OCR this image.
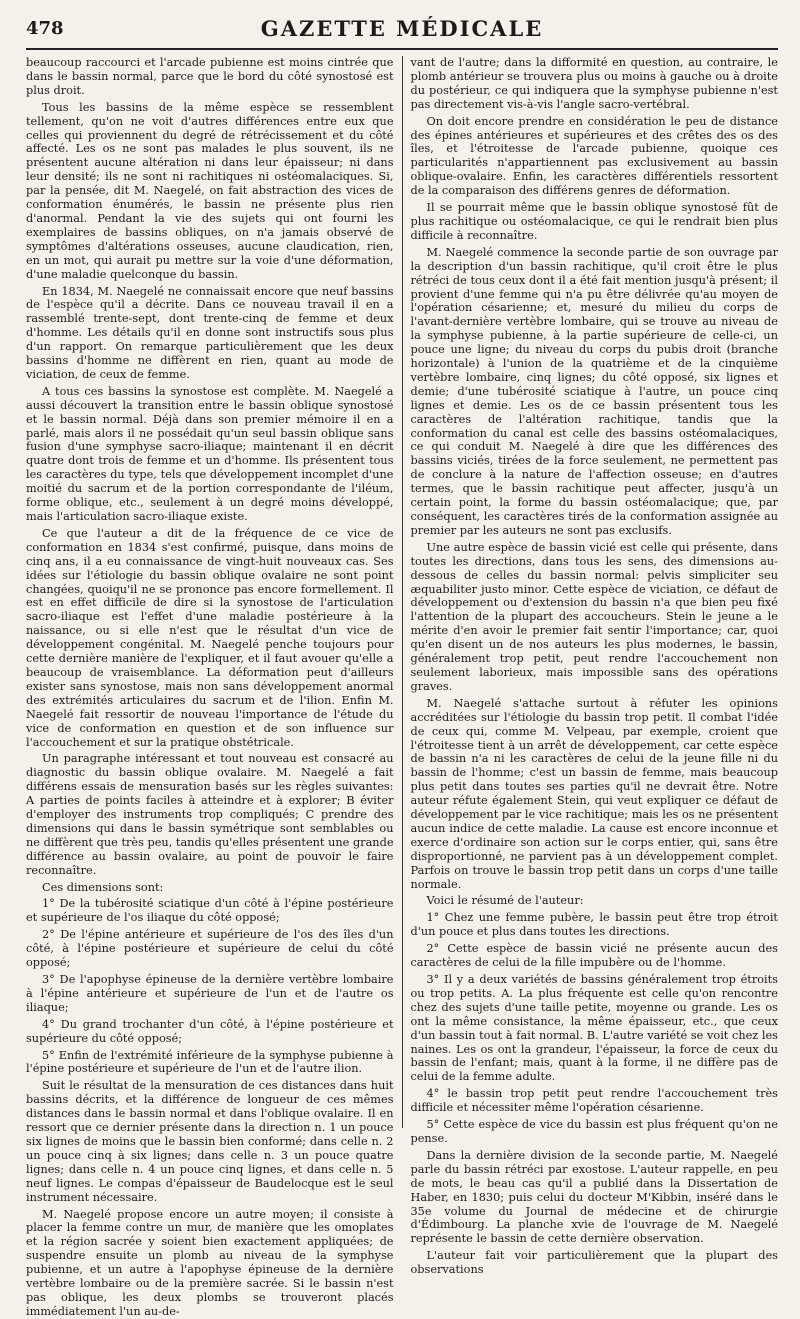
478	GAZETTE MÉDICALE

beaucoup raccourci et l'arcade pubienne est moins cintrée que dans le bassin normal, parce que le bord du côté synostosé est plus droit.

Tous les bassins de la même espèce se ressemblent tellement, qu'on ne voit d'autres différences entre eux que celles qui proviennent du degré de rétrécissement et du côté affecté. Les os ne sont pas malades le plus souvent, ils ne présentent aucune altération ni dans leur épaisseur; ni dans leur densité; ils ne sont ni rachitiques ni ostéomalaciques. Si, par la pensée, dit M. Naegelé, on fait abstraction des vices de conformation énumérés, le bassin ne présente plus rien d'anormal. Pendant la vie des sujets qui ont fourni les exemplaires de bassins obliques, on n'a jamais observé de symptômes d'altérations osseuses, aucune claudication, rien, en un mot, qui aurait pu mettre sur la voie d'une déformation, d'une maladie quelconque du bassin.

En 1834, M. Naegelé ne connaissait encore que neuf bassins de l'espèce qu'il a décrite. Dans ce nouveau travail il en a rassemblé trente-sept, dont trente-cinq de femme et deux d'homme. Les détails qu'il en donne sont instructifs sous plus d'un rapport. On remarque particulièrement que les deux bassins d'homme ne diffèrent en rien, quant au mode de viciation, de ceux de femme.

A tous ces bassins la synostose est complète. M. Naegelé a aussi découvert la transition entre le bassin oblique synostosé et le bassin normal. Déjà dans son premier mémoire il en a parlé, mais alors il ne possédait qu'un seul bassin oblique sans fusion d'une symphyse sacro-iliaque; maintenant il en décrit quatre dont trois de femme et un d'homme. Ils présentent tous les caractères du type, tels que développement incomplet d'une moitié du sacrum et de la portion correspondante de l'iléum, forme oblique, etc., seulement à un degré moins développé, mais l'articulation sacro-iliaque existe.

Ce que l'auteur a dit de la fréquence de ce vice de conformation en 1834 s'est confirmé, puisque, dans moins de cinq ans, il a eu connaissance de vingt-huit nouveaux cas. Ses idées sur l'étiologie du bassin oblique ovalaire ne sont point changées, quoiqu'il ne se prononce pas encore formellement. Il est en effet difficile de dire si la synostose de l'articulation sacro-iliaque est l'effet d'une maladie postérieure à la naissance, ou si elle n'est que le résultat d'un vice de développement congénital. M. Naegelé penche toujours pour cette dernière manière de l'expliquer, et il faut avouer qu'elle a beaucoup de vraisemblance. La déformation peut d'ailleurs exister sans synostose, mais non sans développement anormal des extrémités articulaires du sacrum et de l'ilion. Enfin M. Naegelé fait ressortir de nouveau l'importance de l'étude du vice de conformation en question et de son influence sur l'accouchement et sur la pratique obstétricale.

Un paragraphe intéressant et tout nouveau est consacré au diagnostic du bassin oblique ovalaire. M. Naegelé a fait différens essais de mensuration basés sur les règles suivantes: A parties de points faciles à atteindre et à explorer; B éviter d'employer des instruments trop compliqués; C prendre des dimensions qui dans le bassin symétrique sont semblables ou ne diffèrent que très peu, tandis qu'elles présentent une grande différence au bassin ovalaire, au point de pouvoir le faire reconnaître.

Ces dimensions sont:

1° De la tubérosité sciatique d'un côté à l'épine postérieure et supérieure de l'os iliaque du côté opposé;

2° De l'épine antérieure et supérieure de l'os des îles d'un côté, à l'épine postérieure et supérieure de celui du côté opposé;

3° De l'apophyse épineuse de la dernière vertèbre lombaire à l'épine antérieure et supérieure de l'un et de l'autre os iliaque;

4° Du grand trochanter d'un côté, à l'épine postérieure et supérieure du côté opposé;

5° Enfin de l'extrémité inférieure de la symphyse pubienne à l'épine postérieure et supérieure de l'un et de l'autre ilion.

Suit le résultat de la mensuration de ces distances dans huit bassins décrits, et la différence de longueur de ces mêmes distances dans le bassin normal et dans l'oblique ovalaire. Il en ressort que ce dernier présente dans la direction n. 1 un pouce six lignes de moins que le bassin bien conformé; dans celle n. 2 un pouce cinq à six lignes; dans celle n. 3 un pouce quatre lignes; dans celle n. 4 un pouce cinq lignes, et dans celle n. 5 neuf lignes. Le compas d'épaisseur de Baudelocque est le seul instrument nécessaire.

M. Naegelé propose encore un autre moyen; il consiste à placer la femme contre un mur, de manière que les omoplates et la région sacrée y soient bien exactement appliquées; de suspendre ensuite un plomb au niveau de la symphyse pubienne, et un autre à l'apophyse épineuse de la dernière vertèbre lombaire ou de la première sacrée. Si le bassin n'est pas oblique, les deux plombs se trouveront placés immédiatement l'un au-de-

vant de l'autre; dans la difformité en question, au contraire, le plomb antérieur se trouvera plus ou moins à gauche ou à droite du postérieur, ce qui indiquera que la symphyse pubienne n'est pas directement vis-à-vis l'angle sacro-vertébral.

On doit encore prendre en considération le peu de distance des épines antérieures et supérieures et des crêtes des os des îles, et l'étroitesse de l'arcade pubienne, quoique ces particularités n'appartiennent pas exclusivement au bassin oblique-ovalaire. Enfin, les caractères différentiels ressortent de la comparaison des différens genres de déformation.

Il se pourrait même que le bassin oblique synostosé fût de plus rachitique ou ostéomalacique, ce qui le rendrait bien plus difficile à reconnaître.

M. Naegelé commence la seconde partie de son ouvrage par la description d'un bassin rachitique, qu'il croit être le plus rétréci de tous ceux dont il a été fait mention jusqu'à présent; il provient d'une femme qui n'a pu être délivrée qu'au moyen de l'opération césarienne; et, mesuré du milieu du corps de l'avant-dernière vertèbre lombaire, qui se trouve au niveau de la symphyse pubienne, à la partie supérieure de celle-ci, un pouce une ligne; du niveau du corps du pubis droit (branche horizontale) à l'union de la quatrième et de la cinquième vertèbre lombaire, cinq lignes; du côté opposé, six lignes et demie; d'une tubérosité sciatique à l'autre, un pouce cinq lignes et demie. Les os de ce bassin présentent tous les caractères de l'altération rachitique, tandis que la conformation du canal est celle des bassins ostéomalaciques, ce qui conduit M. Naegelé à dire que les différences des bassins viciés, tirées de la force seulement, ne permettent pas de conclure à la nature de l'affection osseuse; en d'autres termes, que le bassin rachitique peut affecter, jusqu'à un certain point, la forme du bassin ostéomalacique; que, par conséquent, les caractères tirés de la conformation assignée au premier par les auteurs ne sont pas exclusifs.

Une autre espèce de bassin vicié est celle qui présente, dans toutes les directions, dans tous les sens, des dimensions au-dessous de celles du bassin normal: pelvis simpliciter seu æquabiliter justo minor. Cette espèce de viciation, ce défaut de développement ou d'extension du bassin n'a que bien peu fixé l'attention de la plupart des accoucheurs. Stein le jeune a le mérite d'en avoir le premier fait sentir l'importance; car, quoi qu'en disent un de nos auteurs les plus modernes, le bassin, généralement trop petit, peut rendre l'accouchement non seulement laborieux, mais impossible sans des opérations graves.

M. Naegelé s'attache surtout à réfuter les opinions accréditées sur l'étiologie du bassin trop petit. Il combat l'idée de ceux qui, comme M. Velpeau, par exemple, croient que l'étroitesse tient à un arrêt de développement, car cette espèce de bassin n'a ni les caractères de celui de la jeune fille ni du bassin de l'homme; c'est un bassin de femme, mais beaucoup plus petit dans toutes ses parties qu'il ne devrait être. Notre auteur réfute également Stein, qui veut expliquer ce défaut de développement par le vice rachitique; mais les os ne présentent aucun indice de cette maladie. La cause est encore inconnue et exerce d'ordinaire son action sur le corps entier, qui, sans être disproportionné, ne parvient pas à un développement complet. Parfois on trouve le bassin trop petit dans un corps d'une taille normale.

Voici le résumé de l'auteur:

1° Chez une femme pubère, le bassin peut être trop étroit d'un pouce et plus dans toutes les directions.

2° Cette espèce de bassin vicié ne présente aucun des caractères de celui de la fille impubère ou de l'homme.

3° Il y a deux variétés de bassins généralement trop étroits ou trop petits. A. La plus fréquente est celle qu'on rencontre chez des sujets d'une taille petite, moyenne ou grande. Les os ont la même consistance, la même épaisseur, etc., que ceux d'un bassin tout à fait normal. B. L'autre variété se voit chez les naines. Les os ont la grandeur, l'épaisseur, la force de ceux du bassin de l'enfant; mais, quant à la forme, il ne diffère pas de celui de la femme adulte.

4° le bassin trop petit peut rendre l'accouchement très difficile et nécessiter même l'opération césarienne.

5° Cette espèce de vice du bassin est plus fréquent qu'on ne pense.

Dans la dernière division de la seconde partie, M. Naegelé parle du bassin rétréci par exostose. L'auteur rappelle, en peu de mots, le beau cas qu'il a publié dans la Dissertation de Haber, en 1830; puis celui du docteur M'Kibbin, inséré dans le 35e volume du Journal de médecine et de chirurgie d'Édimbourg. La planche xvie de l'ouvrage de M. Naegelé représente le bassin de cette dernière observation.

L'auteur fait voir particulièrement que la plupart des observations
